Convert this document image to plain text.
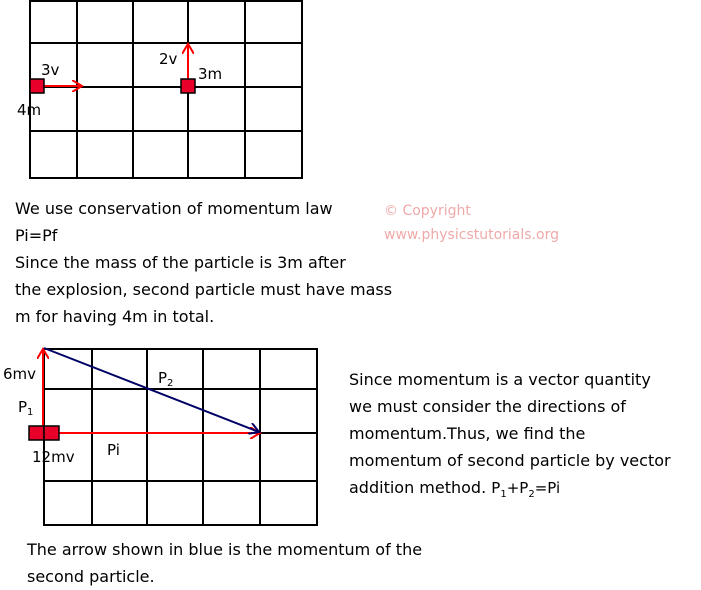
3v
4m
2v
3m
6mv
$P_1$
$P_2$
Pi
12mv
We use conservation of momentum law
Pi=Pf
Since the mass of the particle is 3m after
the explosion, second particle must have mass
m for having 4m in total.
© Copyright
www.physicstutorials.org
Since momentum is a vector quantity
we must consider the directions of
momentum.Thus, we find the
momentum of second particle by vector
addition method. $P_1+P_2=Pi$
The arrow shown in blue is the momentum of the
second particle.
